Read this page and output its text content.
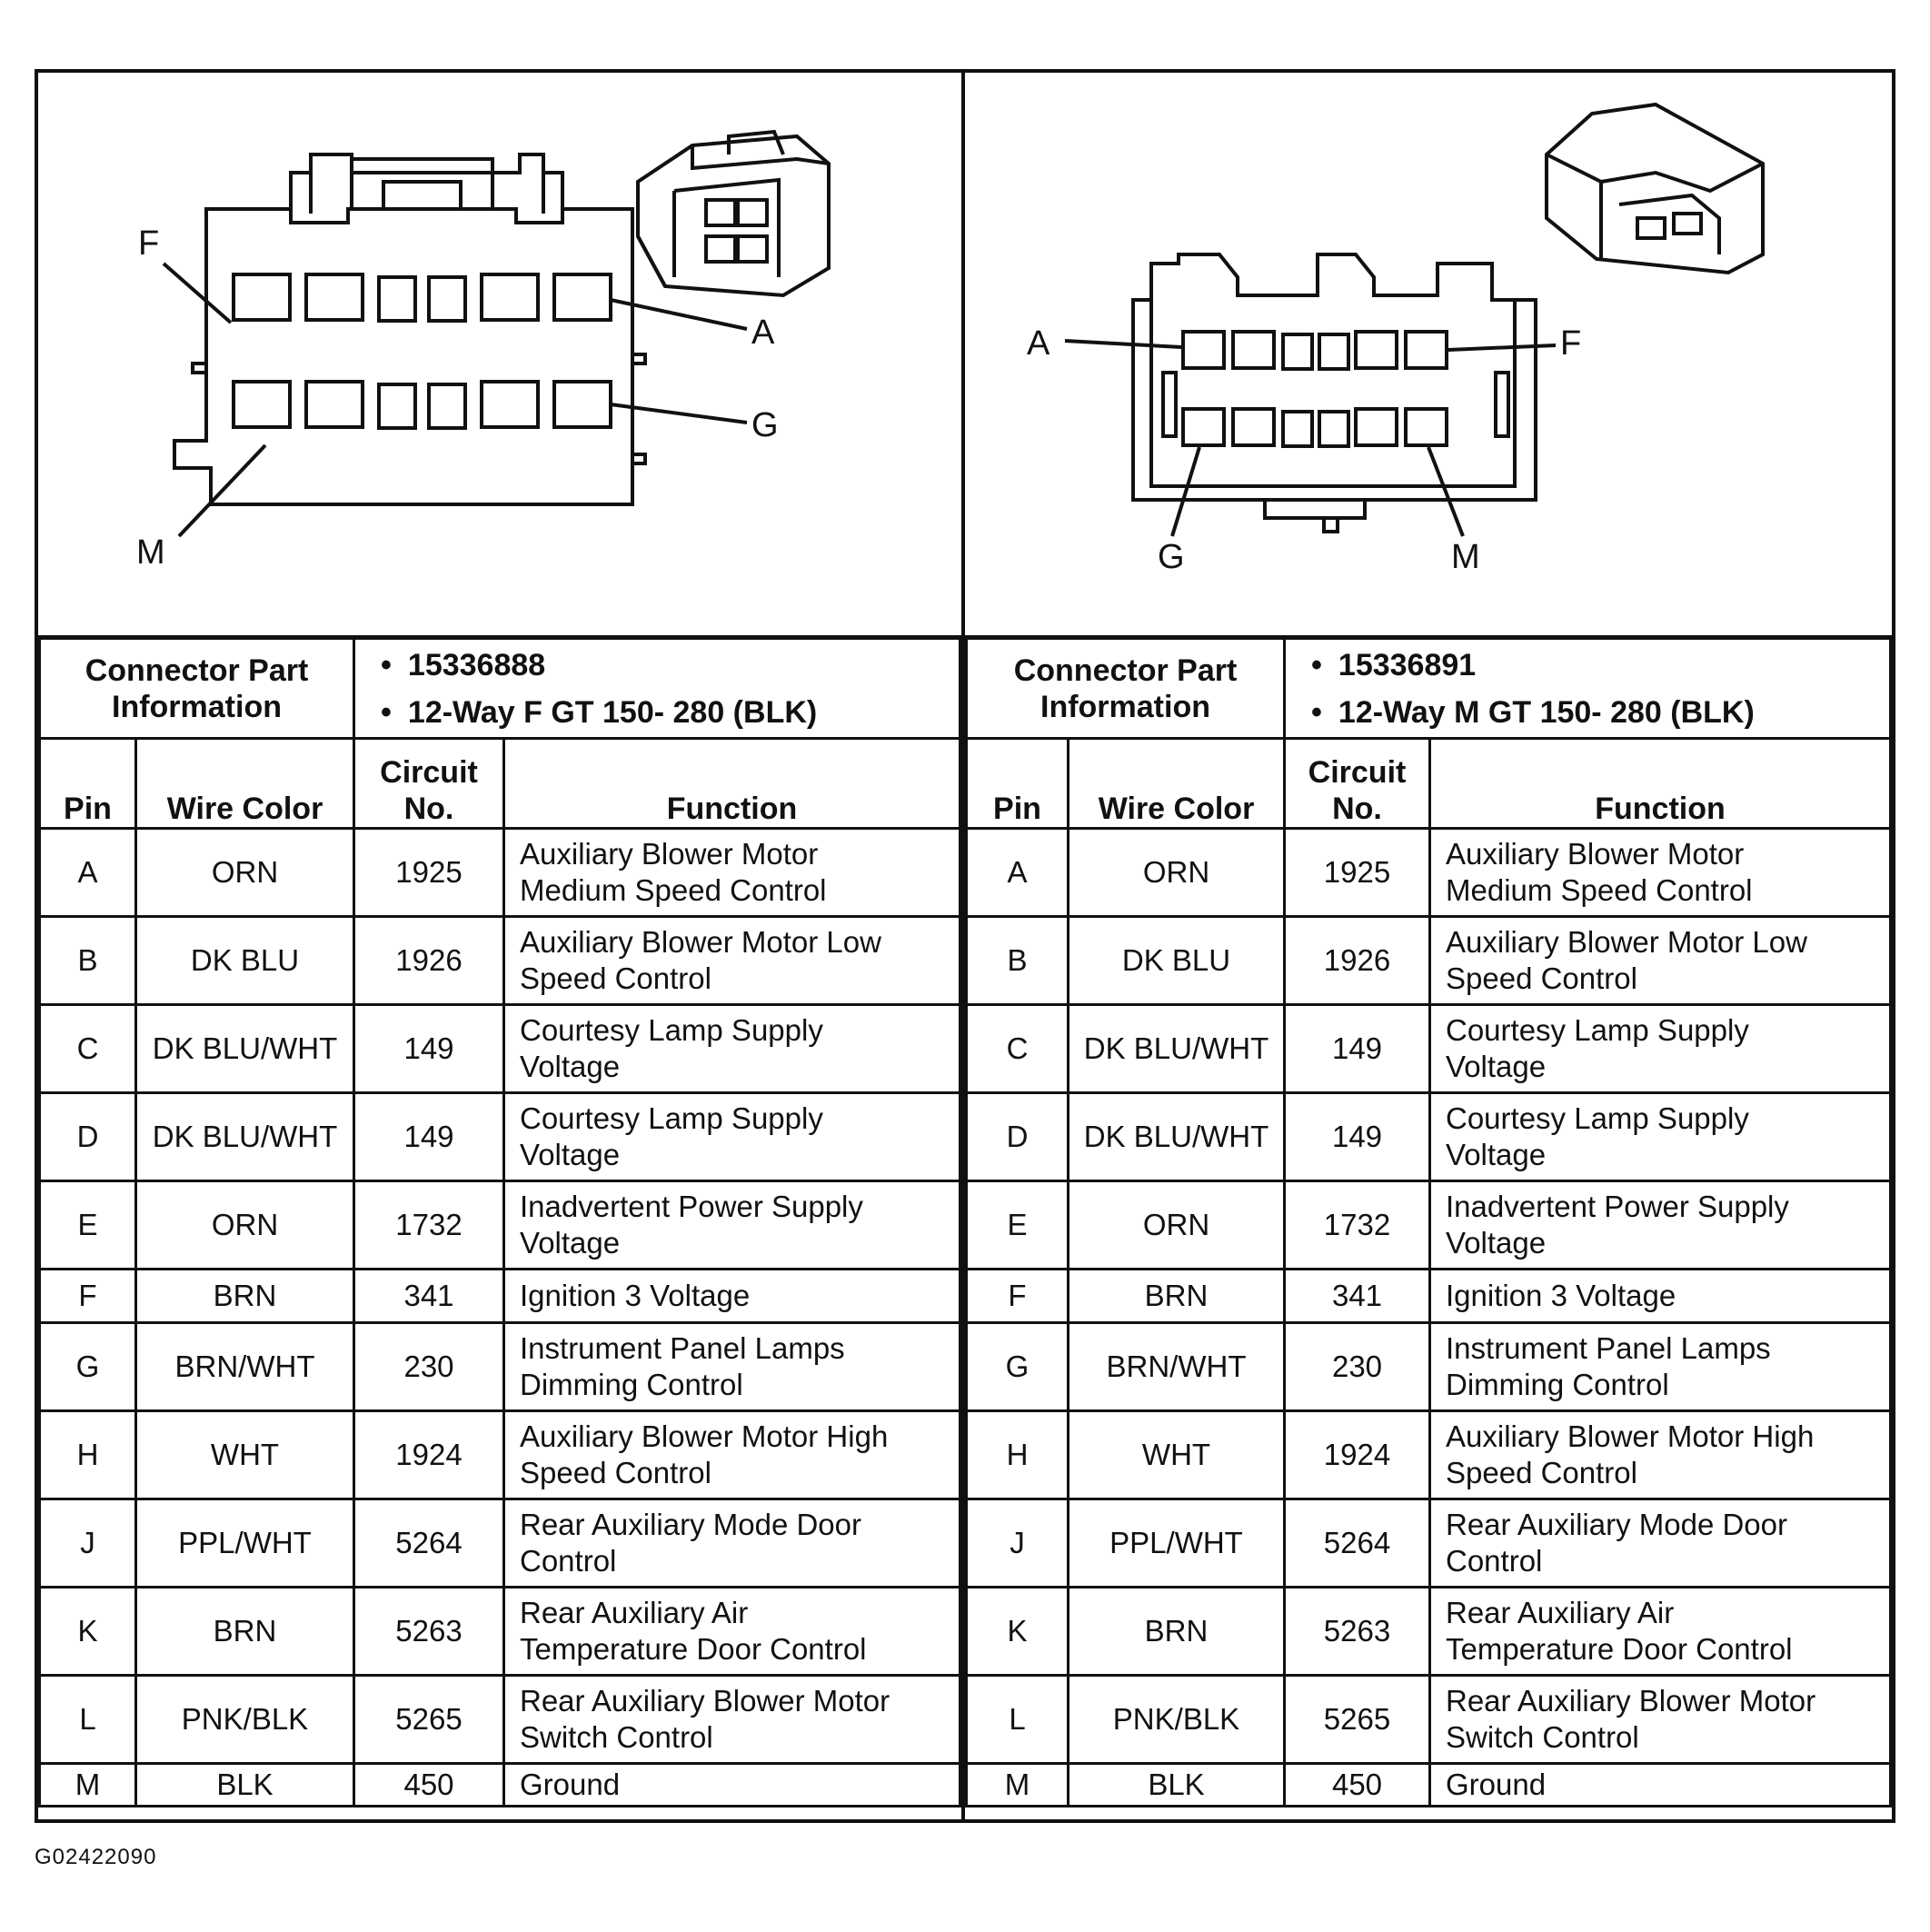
F
A
G
M
A	F
G	M
Connector Part Information		• 15336888
• 12-Way F GT 150- 280 (BLK)

Pin	Wire Color	Circuit
No.	Function
A	ORN	1925	Auxiliary Blower Motor
Medium Speed Control

B	DK BLU	1926	Auxiliary Blower Motor Low
Speed Control

C	DK BLU/WHT	149	Courtesy Lamp Supply
Voltage

D	DK BLU/WHT	149	Courtesy Lamp Supply
Voltage

E	ORN	1732	Inadvertent Power Supply
Voltage

F	BRN	341	Ignition 3 Voltage

G	BRN/WHT	230	Instrument Panel Lamps
Dimming Control

H	WHT	1924	Auxiliary Blower Motor High
Speed Control

J	PPL/WHT	5264	Rear Auxiliary Mode Door
Control

K	BRN	5263	Rear Auxiliary Air
Temperature Door Control

L	PNK/BLK	5265	Rear Auxiliary Blower Motor
Switch Control

M	BLK	450	Ground
Connector Part Information		• 15336891
• 12-Way M GT 150- 280 (BLK)

Pin	Wire Color	Circuit
No.	Function
A	ORN	1925	Auxiliary Blower Motor
Medium Speed Control

B	DK BLU	1926	Auxiliary Blower Motor Low
Speed Control

C	DK BLU/WHT	149	Courtesy Lamp Supply
Voltage

D	DK BLU/WHT	149	Courtesy Lamp Supply
Voltage

E	ORN	1732	Inadvertent Power Supply
Voltage

F	BRN	341	Ignition 3 Voltage

G	BRN/WHT	230	Instrument Panel Lamps
Dimming Control

H	WHT	1924	Auxiliary Blower Motor High
Speed Control

J	PPL/WHT	5264	Rear Auxiliary Mode Door
Control

K	BRN	5263	Rear Auxiliary Air
Temperature Door Control

L	PNK/BLK	5265	Rear Auxiliary Blower Motor
Switch Control

M	BLK	450	Ground
G02422090
